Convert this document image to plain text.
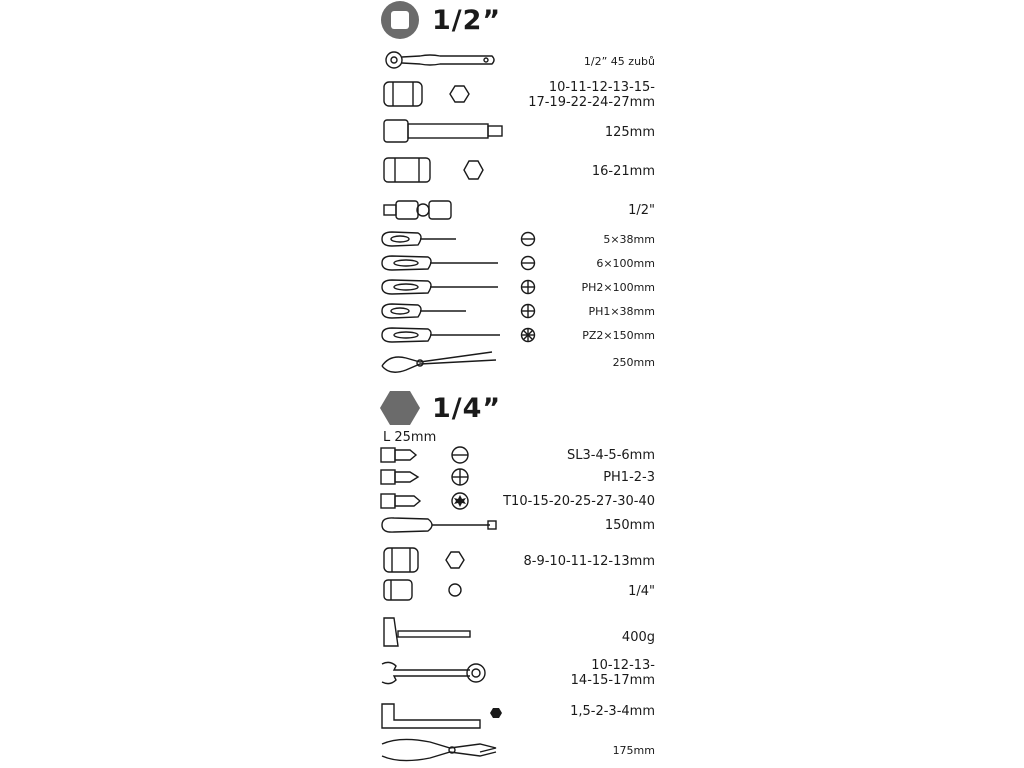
1/2”
1/2” 45 zubů
10-11-12-13-15-
17-19-22-24-27mm
125mm
16-21mm
1/2"
5×38mm
6×100mm
PH2×100mm
PH1×38mm
PZ2×150mm
250mm
1/4”
L 25mm
SL3-4-5-6mm
PH1-2-3
T10-15-20-25-27-30-40
150mm
8-9-10-11-12-13mm
1/4"
400g
10-12-13-
14-15-17mm
1,5-2-3-4mm
175mm
